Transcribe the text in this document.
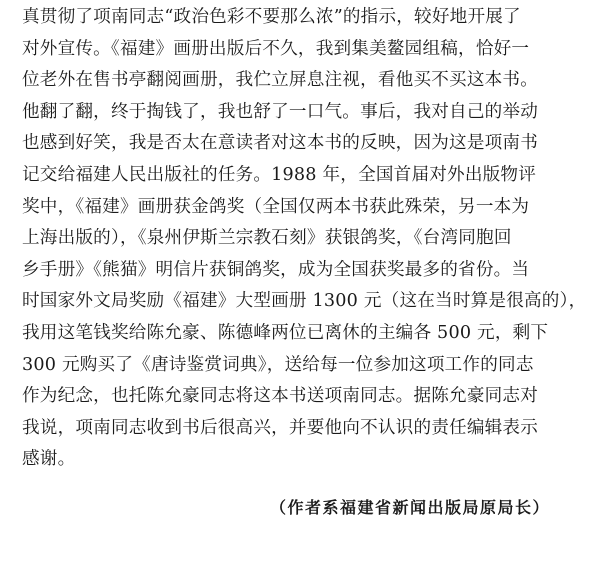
真贯彻了项南同志“政治色彩不要那么浓”的指示，较好地开展了
对外宣传。《福建》画册出版后不久，我到集美鳌园组稿，恰好一
位老外在售书亭翻阅画册，我伫立屏息注视，看他买不买这本书。
他翻了翻，终于掏钱了，我也舒了一口气。事后，我对自己的举动
也感到好笑，我是否太在意读者对这本书的反映，因为这是项南书
记交给福建人民出版社的任务。1988 年，全国首届对外出版物评
奖中，《福建》画册获金鸽奖（全国仅两本书获此殊荣，另一本为
上海出版的），《泉州伊斯兰宗教石刻》获银鸽奖，《台湾同胞回
乡手册》《熊猫》明信片获铜鸽奖，成为全国获奖最多的省份。当
时国家外文局奖励《福建》大型画册 1300 元（这在当时算是很高的），
我用这笔钱奖给陈允豪、陈德峰两位已离休的主编各 500 元，剩下
300 元购买了《唐诗鉴赏词典》，送给每一位参加这项工作的同志
作为纪念，也托陈允豪同志将这本书送项南同志。据陈允豪同志对
我说，项南同志收到书后很高兴，并要他向不认识的责任编辑表示
感谢。
（作者系福建省新闻出版局原局长）
